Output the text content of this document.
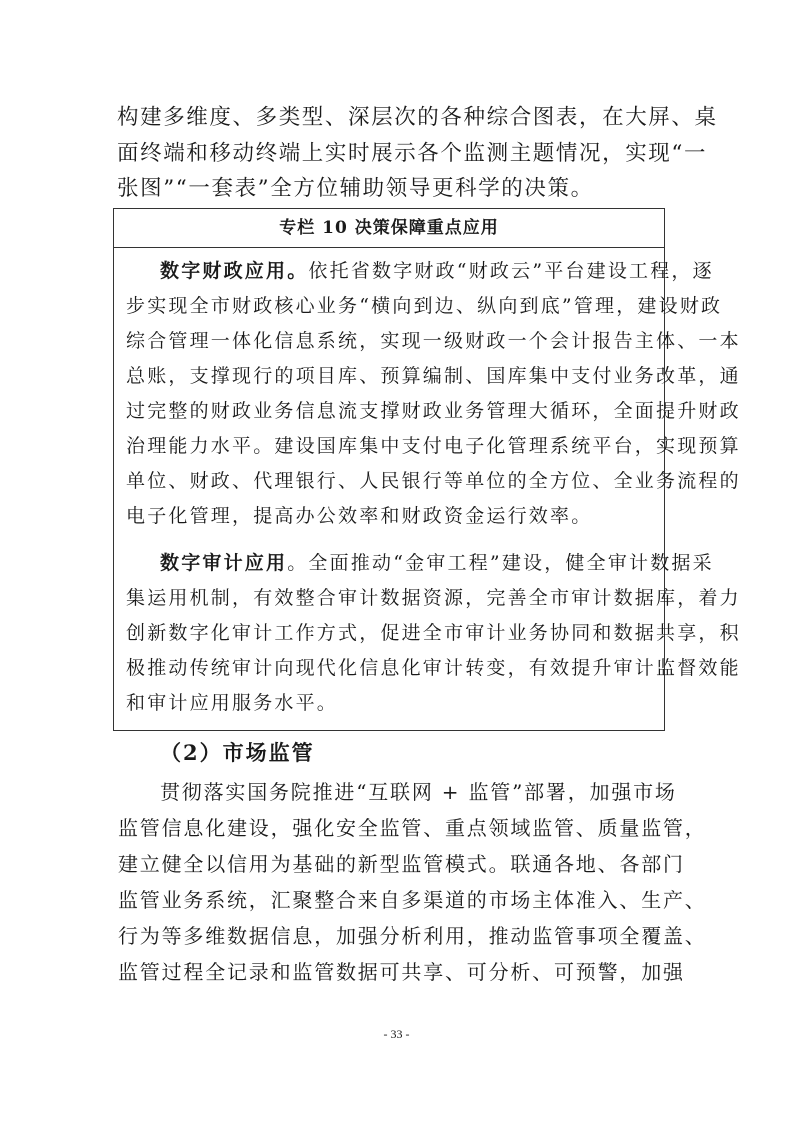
构建多维度、多类型、深层次的各种综合图表，在大屏、桌
面终端和移动终端上实时展示各个监测主题情况，实现“一
张图”“一套表”全方位辅助领导更科学的决策。
专栏 10 决策保障重点应用
数字财政应用。依托省数字财政“财政云”平台建设工程，逐
步实现全市财政核心业务“横向到边、纵向到底”管理，建设财政
综合管理一体化信息系统，实现一级财政一个会计报告主体、一本
总账，支撑现行的项目库、预算编制、国库集中支付业务改革，通
过完整的财政业务信息流支撑财政业务管理大循环，全面提升财政
治理能力水平。建设国库集中支付电子化管理系统平台，实现预算
单位、财政、代理银行、人民银行等单位的全方位、全业务流程的
电子化管理，提高办公效率和财政资金运行效率。
数字审计应用。全面推动“金审工程”建设，健全审计数据采
集运用机制，有效整合审计数据资源，完善全市审计数据库，着力
创新数字化审计工作方式，促进全市审计业务协同和数据共享，积
极推动传统审计向现代化信息化审计转变，有效提升审计监督效能
和审计应用服务水平。
（2）市场监管
贯彻落实国务院推进“互联网 + 监管”部署，加强市场
监管信息化建设，强化安全监管、重点领域监管、质量监管，
建立健全以信用为基础的新型监管模式。联通各地、各部门
监管业务系统，汇聚整合来自多渠道的市场主体准入、生产、
行为等多维数据信息，加强分析利用，推动监管事项全覆盖、
监管过程全记录和监管数据可共享、可分析、可预警，加强
- 33 -
